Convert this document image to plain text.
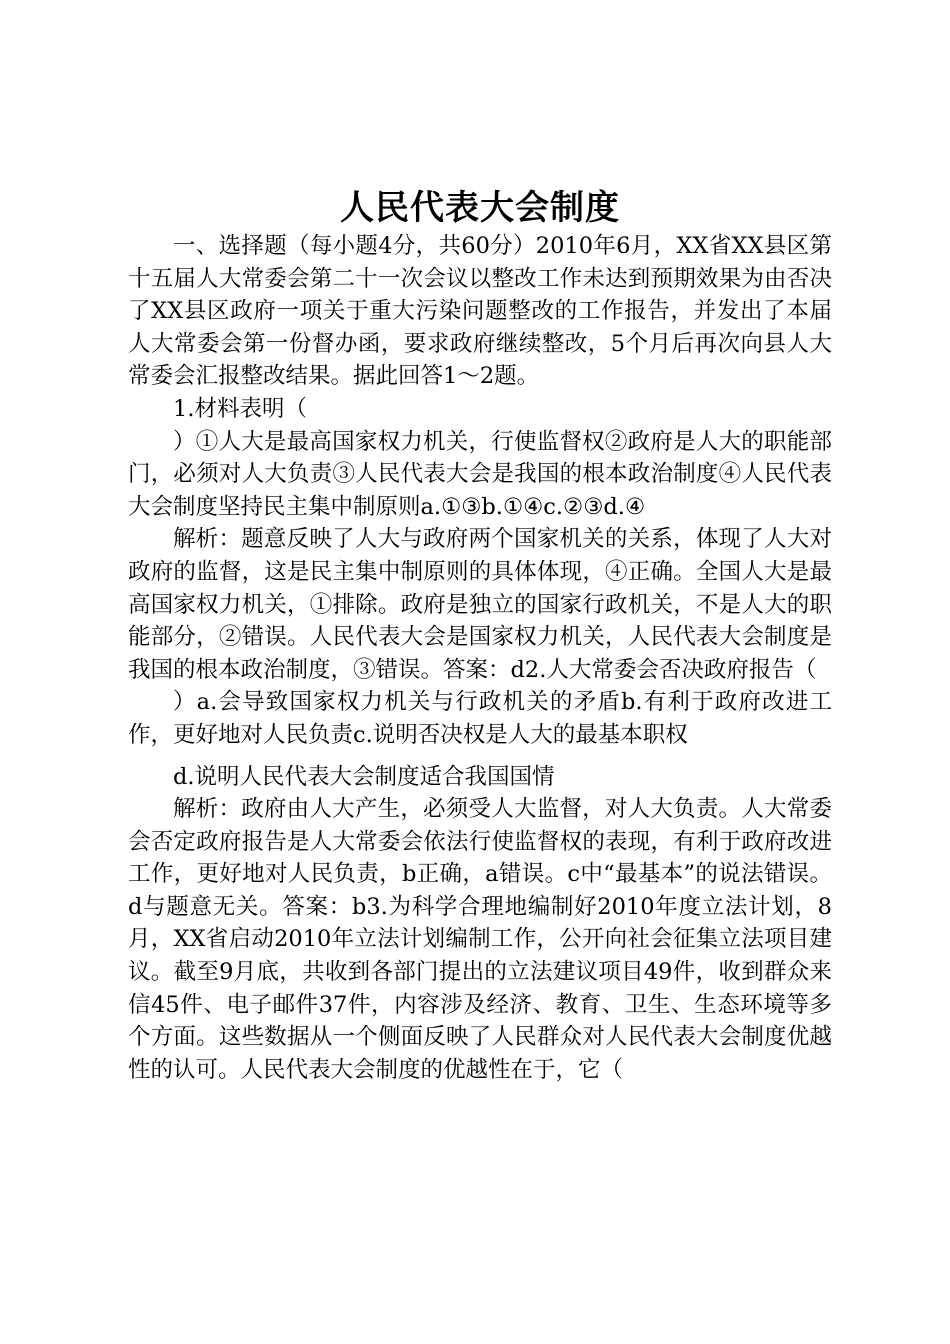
人民代表大会制度

一、选择题（每小题4分，共60分）2010年6月，XX省XX县区第十五届人大常委会第二十一次会议以整改工作未达到预期效果为由否决了XX县区政府一项关于重大污染问题整改的工作报告，并发出了本届人大常委会第一份督办函，要求政府继续整改，5个月后再次向县人大常委会汇报整改结果。据此回答1～2题。

1.材料表明（

）①人大是最高国家权力机关，行使监督权②政府是人大的职能部门，必须对人大负责③人民代表大会是我国的根本政治制度④人民代表大会制度坚持民主集中制原则a.①③b.①④c.②③d.④

解析：题意反映了人大与政府两个国家机关的关系，体现了人大对政府的监督，这是民主集中制原则的具体体现，④正确。全国人大是最高国家权力机关，①排除。政府是独立的国家行政机关，不是人大的职能部分，②错误。人民代表大会是国家权力机关，人民代表大会制度是我国的根本政治制度，③错误。答案：d2.人大常委会否决政府报告（

）a.会导致国家权力机关与行政机关的矛盾b.有利于政府改进工作，更好地对人民负责c.说明否决权是人大的最基本职权

d.说明人民代表大会制度适合我国国情

解析：政府由人大产生，必须受人大监督，对人大负责。人大常委会否定政府报告是人大常委会依法行使监督权的表现，有利于政府改进工作，更好地对人民负责，b正确，a错误。c中“最基本”的说法错误。d与题意无关。答案：b3.为科学合理地编制好2010年度立法计划，8月，XX省启动2010年立法计划编制工作，公开向社会征集立法项目建议。截至9月底，共收到各部门提出的立法建议项目49件，收到群众来信45件、电子邮件37件，内容涉及经济、教育、卫生、生态环境等多个方面。这些数据从一个侧面反映了人民群众对人民代表大会制度优越性的认可。人民代表大会制度的优越性在于，它（
